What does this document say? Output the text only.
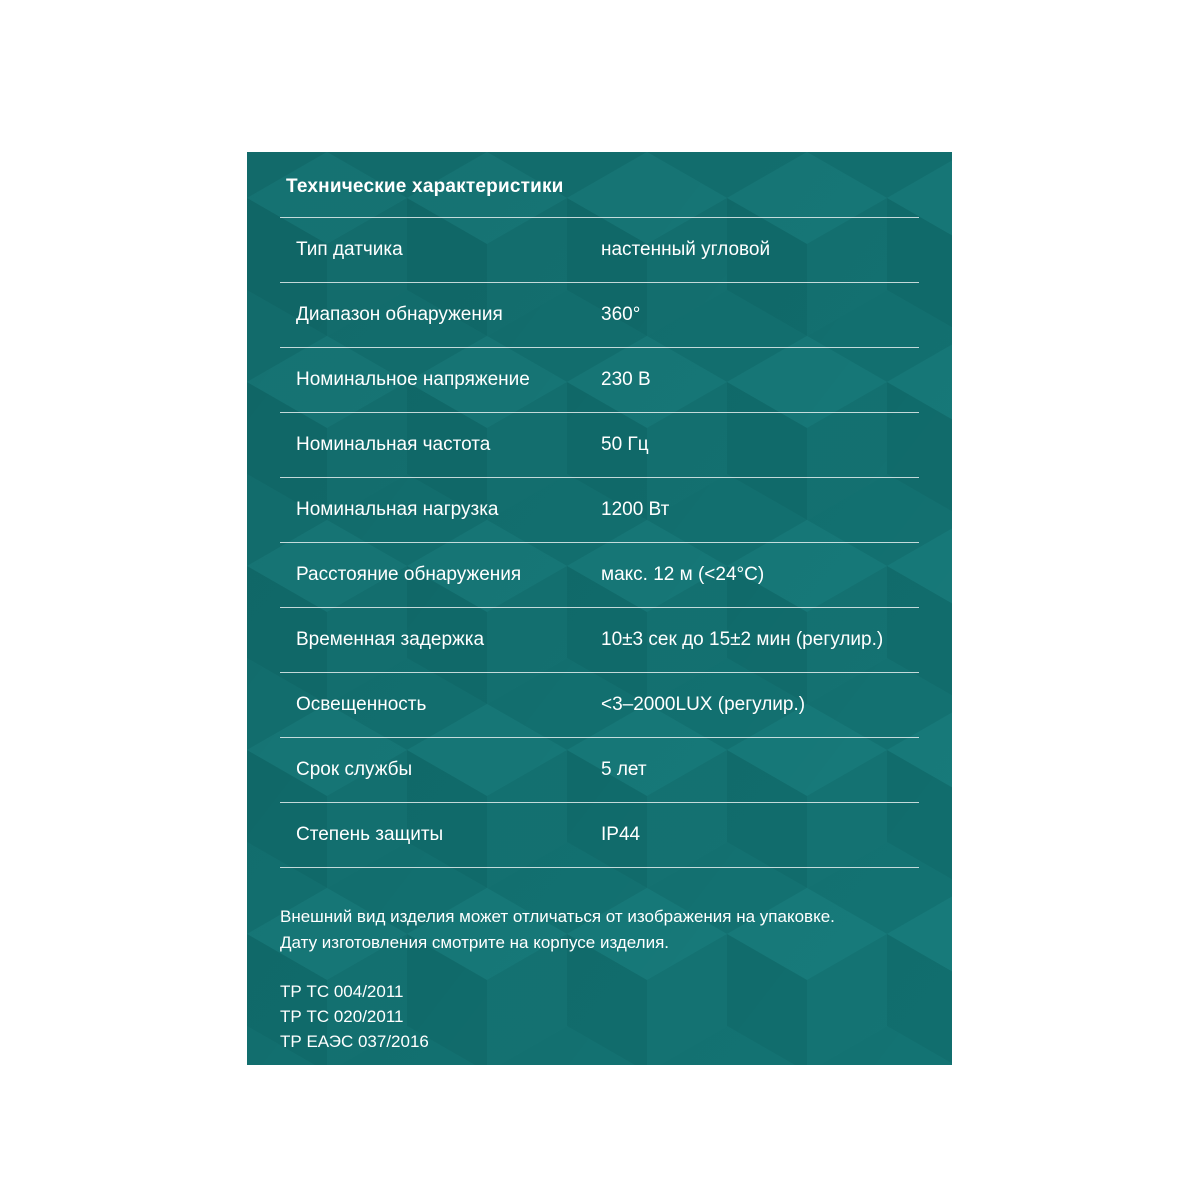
Технические характеристики
Тип датчика	настенный угловой
Диапазон обнаружения	360°
Номинальное напряжение	230 В
Номинальная частота	50 Гц
Номинальная нагрузка	1200 Вт
Расстояние обнаружения	макс. 12 м (<24°С)
Временная задержка	10±3 сек до 15±2 мин (регулир.)
Освещенность	<3–2000LUX (регулир.)
Срок службы	5 лет
Степень защиты	IP44
Внешний вид изделия может отличаться от изображения на упаковке.
Дату изготовления смотрите на корпусе изделия.
ТР ТС 004/2011
ТР ТС 020/2011
ТР ЕАЭС 037/2016
